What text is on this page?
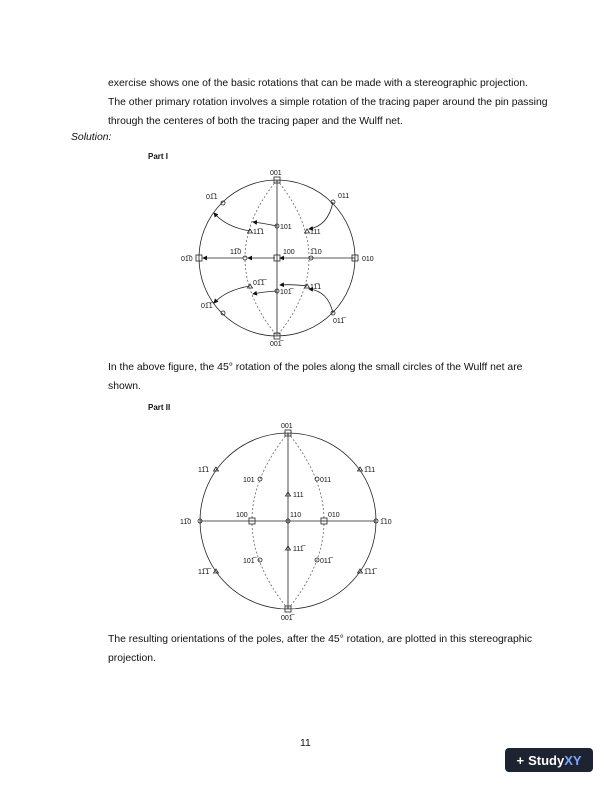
exercise shows one of the basic rotations that can be made with a stereographic projection. The other primary rotation involves a simple rotation of the tracing paper around the pin passing through the centeres of both the tracing paper and the Wulff net.
Solution:
Part I
In the above figure, the 45° rotation of the poles along the small circles of the Wulff net are shown.
Part II
The resulting orientations of the poles, after the 45° rotation, are plotted in this stereographic projection.
001
011
01̅1
101
111
11̅1
11̅0	100 1̅10
010
01̅0
01̅1̅
101̅
11̅1
01̅1̅
011̅
001̅
001
11̅1	1̅11
101	011
111
11̅0
100	110	010
1̅10
111̅
101̅	011̅
11̅1̅	1̅11̅
001̅
11
+ StudyXY
